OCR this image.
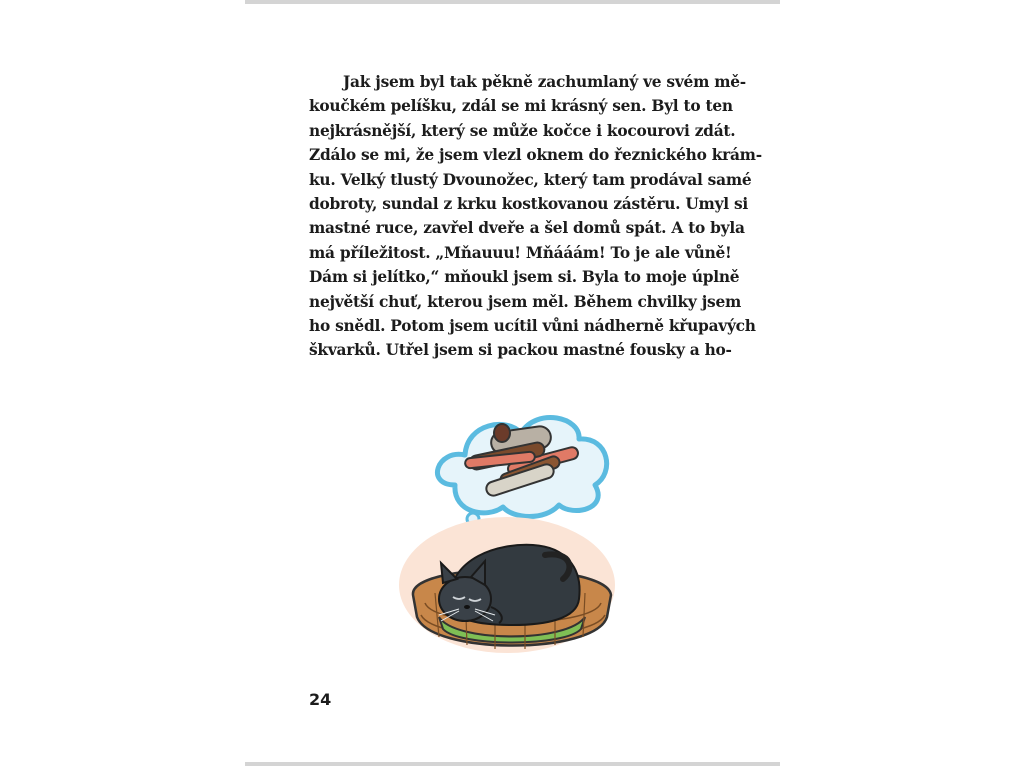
Jak jsem byl tak pěkně zachumlaný ve svém mě-
koučkém pelíšku, zdál se mi krásný sen. Byl to ten
nejkrásnější, který se může kočce i kocourovi zdát.
Zdálo se mi, že jsem vlezl oknem do řeznického krám-
ku. Velký tlustý Dvounožec, který tam prodával samé
dobroty, sundal z krku kostkovanou zástěru. Umyl si
mastné ruce, zavřel dveře a šel domů spát. A to byla
má příležitost. „Mňauuu! Mňááám! To je ale vůně!
Dám si jelítko,“ mňoukl jsem si. Byla to moje úplně
největší chuť, kterou jsem měl. Během chvilky jsem
ho snědl. Potom jsem ucítil vůni nádherně křupavých
škvarků. Utřel jsem si packou mastné fousky a ho-
24
